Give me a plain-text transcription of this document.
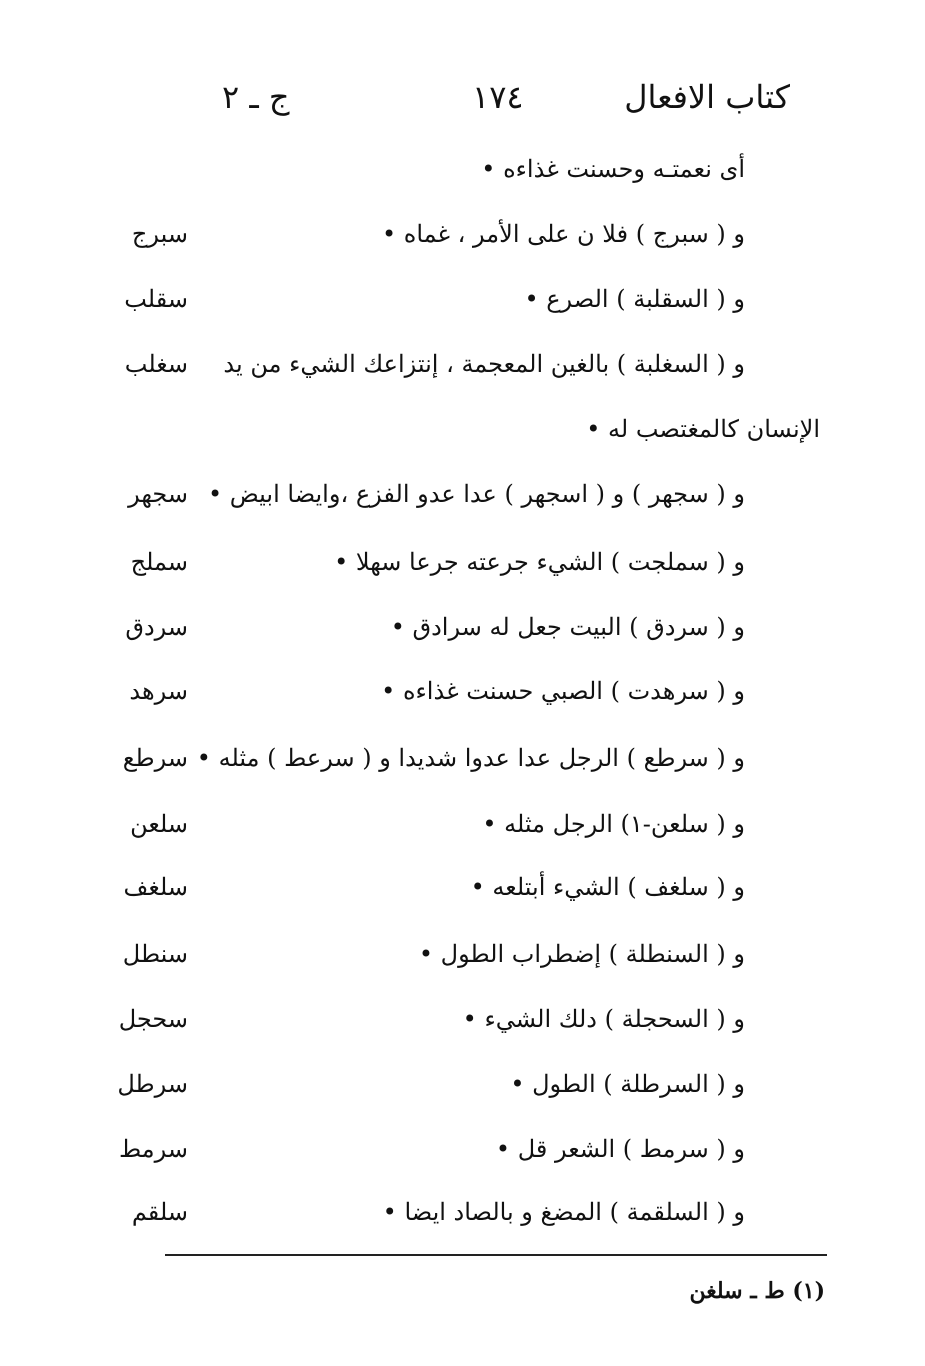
كتاب الافعال
١٧٤
ج ـ ٢
أى نعمتـه وحسنت غذاءه •
و ( سبرج ) فلا ن على الأمر ، غماه •
سبرج
و ( السقلبة ) الصرع •
سقلب
و ( السغلبة ) بالغين المعجمة ، إنتزاعك الشيء من يد
سغلب
الإنسان كالمغتصب له •
و ( سجهر ) و ( اسجهر ) عدا عدو الفزع ،وايضا ابيض •
سجهر
و ( سملجت ) الشيء جرعته جرعا سهلا •
سملج
و ( سردق ) البيت جعل له سرادق •
سردق
و ( سرهدت ) الصبي حسنت غذاءه •
سرهد
و ( سرطع ) الرجل عدا عدوا شديدا و ( سرعط ) مثله •
سرطع
و ( سلعن-١) الرجل مثله •
سلعن
و ( سلغف ) الشيء أبتلعه •
سلغف
و ( السنطلة ) إضطراب الطول •
سنطل
و ( السحجلة ) دلك الشيء •
سحجل
و ( السرطلة ) الطول •
سرطل
و ( سرمط ) الشعر قل •
سرمط
و ( السلقمة ) المضغ و بالصاد ايضا •
سلقم
(١) ط ـ سلغن
